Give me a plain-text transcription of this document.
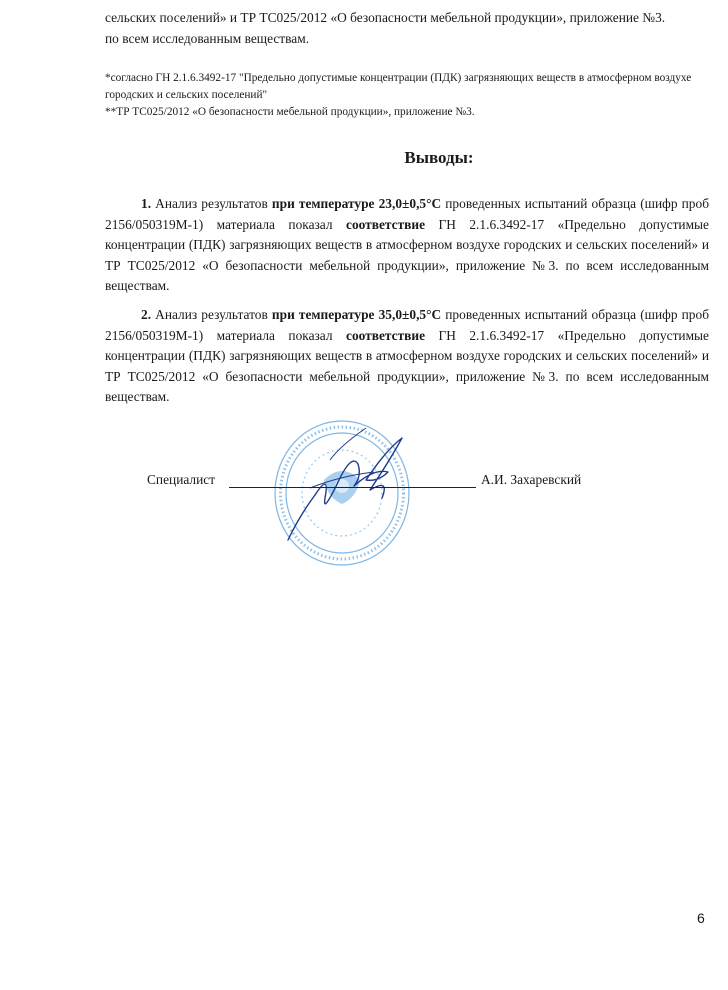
сельских поселений» и ТР ТС025/2012 «О безопасности мебельной продукции», приложение №3.
по всем исследованным веществам.

*согласно ГН 2.1.6.3492-17 "Предельно допустимые концентрации (ПДК) загрязняющих веществ в атмосферном воздухе городских и сельских поселений"

**ТР ТС025/2012 «О безопасности мебельной продукции», приложение №3.

Выводы:

1. Анализ результатов при температуре 23,0±0,5°С проведенных испытаний образца (шифр проб 2156/050319М-1) материала показал соответствие ГН 2.1.6.3492-17 «Предельно допустимые концентрации (ПДК) загрязняющих веществ в атмосферном воздухе городских и сельских поселений» и ТР ТС025/2012 «О безопасности мебельной продукции», приложение №3. по всем исследованным веществам.

2. Анализ результатов при температуре 35,0±0,5°С проведенных испытаний образца (шифр проб 2156/050319М-1) материала показал соответствие ГН 2.1.6.3492-17 «Предельно допустимые концентрации (ПДК) загрязняющих веществ в атмосферном воздухе городских и сельских поселений» и ТР ТС025/2012 «О безопасности мебельной продукции», приложение №3. по всем исследованным веществам.

Специалист	А.И. Захаревский
6
